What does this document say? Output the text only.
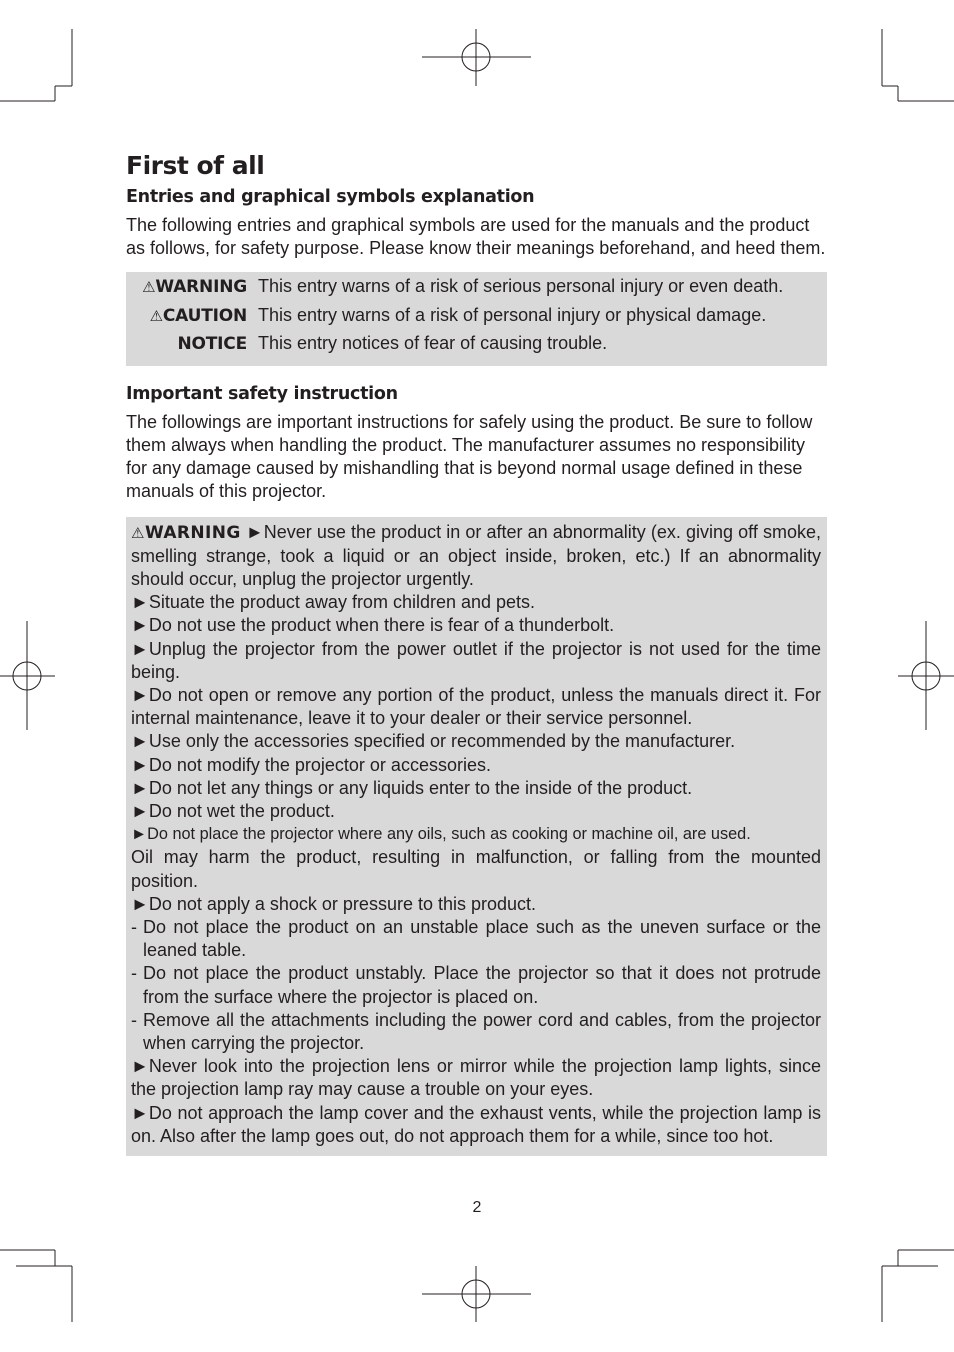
First of all
Entries and graphical symbols explanation

The following entries and graphical symbols are used for the manuals and the product as follows, for safety purpose. Please know their meanings beforehand, and heed them.

⚠WARNING This entry warns of a risk of serious personal injury or even death.
⚠CAUTION This entry warns of a risk of personal injury or physical damage.
NOTICE This entry notices of fear of causing trouble.
Important safety instruction

The followings are important instructions for safely using the product. Be sure to follow them always when handling the product. The manufacturer assumes no responsibility for any damage caused by mishandling that is beyond normal usage defined in these manuals of this projector.

⚠WARNING ►Never use the product in or after an abnormality (ex. giving off smoke, smelling strange, took a liquid or an object inside, broken, etc.) If an abnormality should occur, unplug the projector urgently.

►Situate the product away from children and pets.

►Do not use the product when there is fear of a thunderbolt.

►Unplug the projector from the power outlet if the projector is not used for the time being.

►Do not open or remove any portion of the product, unless the manuals direct it. For internal maintenance, leave it to your dealer or their service personnel.

►Use only the accessories specified or recommended by the manufacturer.

►Do not modify the projector or accessories.

►Do not let any things or any liquids enter to the inside of the product.

►Do not wet the product.

►Do not place the projector where any oils, such as cooking or machine oil, are used.

Oil may harm the product, resulting in malfunction, or falling from the mounted position.

►Do not apply a shock or pressure to this product.

- Do not place the product on an unstable place such as the uneven surface or the leaned table.
- Do not place the product unstably. Place the projector so that it does not protrude from the surface where the projector is placed on.
- Remove all the attachments including the power cord and cables, from the projector when carrying the projector.

►Never look into the projection lens or mirror while the projection lamp lights, since the projection lamp ray may cause a trouble on your eyes.

►Do not approach the lamp cover and the exhaust vents, while the projection lamp is on. Also after the lamp goes out, do not approach them for a while, since too hot.

2
